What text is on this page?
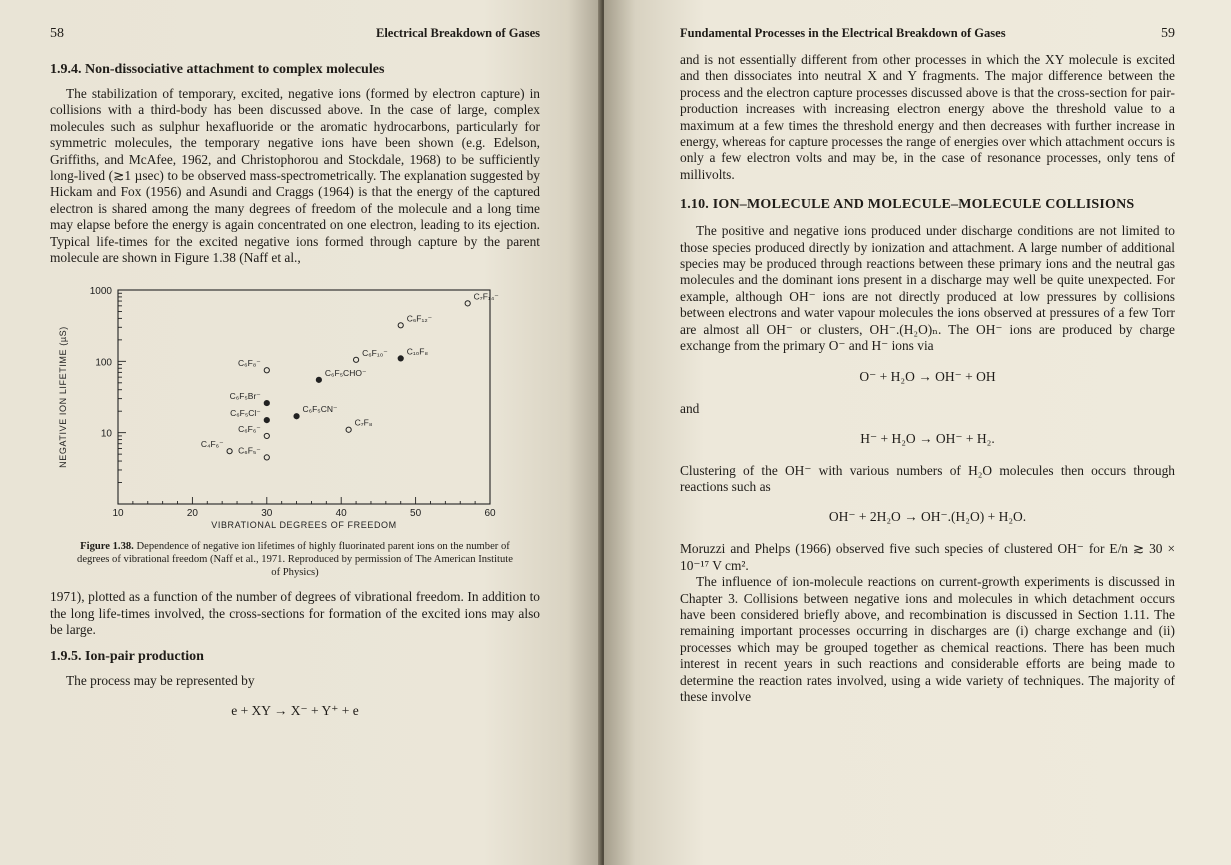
58	Electrical Breakdown of Gases
1.9.4. Non-dissociative attachment to complex molecules

The stabilization of temporary, excited, negative ions (formed by electron capture) in collisions with a third-body has been discussed above. In the case of large, complex molecules such as sulphur hexafluoride or the aromatic hydrocarbons, particularly for symmetric molecules, the temporary negative ions have been shown (e.g. Edelson, Griffiths, and McAfee, 1962, and Christophorou and Stockdale, 1968) to be sufficiently long-lived (≳1 µsec) to be observed mass-spectrometrically. The explanation suggested by Hickam and Fox (1956) and Asundi and Craggs (1964) is that the energy of the captured electron is shared among the many degrees of freedom of the molecule and a long time may elapse before the energy is again concentrated on one electron, leading to its ejection. Typical life-times for the excited negative ions formed through capture by the parent molecule are shown in Figure 1.38 (Naff et al.,

10
100
1000
10	20	30	40	50	60
VIBRATIONAL DEGREES OF FREEDOM
NEGATIVE ION LIFETIME (µS)
C₇F₁₄⁻
C₆F₁₂⁻
C₆F₁₀⁻ C₁₀F₈
C₆F₈⁻
C₆F₅CHO⁻
C₆F₅Br⁻
C₆F₅CN⁻
C₆F₅Cl⁻
C₇F₈
C₆F₆⁻
C₄F₆⁻
C₆F₅⁻
Figure 1.38. Dependence of negative ion lifetimes of highly fluorinated parent ions on the number of degrees of vibrational freedom (Naff et al., 1971. Reproduced by permission of The American Institute of Physics)

1971), plotted as a function of the number of degrees of vibrational freedom. In addition to the long life-times involved, the cross-sections for formation of the excited ions may also be large.

1.9.5. Ion-pair production

The process may be represented by

e + XY → X⁻ + Y⁺ + e
Fundamental Processes in the Electrical Breakdown of Gases	59

and is not essentially different from other processes in which the XY molecule is excited and then dissociates into neutral X and Y fragments. The major difference between the process and the electron capture processes discussed above is that the cross-section for pair-production increases with increasing electron energy above the threshold value to a maximum at a few times the threshold energy and then decreases with further increase in energy, whereas for capture processes the range of energies over which attachment occurs is only a few electron volts and may be, in the case of resonance processes, only tens of millivolts.

1.10. ION–MOLECULE AND MOLECULE–MOLECULE COLLISIONS

The positive and negative ions produced under discharge conditions are not limited to those species produced directly by ionization and attachment. A large number of additional species may be produced through reactions between these primary ions and the neutral gas molecules and the dominant ions present in a discharge may well be quite unexpected. For example, although OH⁻ ions are not directly produced at low pressures by collisions between electrons and water vapour molecules the ions observed at pressures of a few Torr are almost all OH⁻ or clusters, OH⁻.(H₂O)ₙ. The OH⁻ ions are produced by charge exchange from the primary O⁻ and H⁻ ions via

O⁻ + H₂O → OH⁻ + OH
and
H⁻ + H₂O → OH⁻ + H₂.

Clustering of the OH⁻ with various numbers of H₂O molecules then occurs through reactions such as

OH⁻ + 2H₂O → OH⁻.(H₂O) + H₂O.

Moruzzi and Phelps (1966) observed five such species of clustered OH⁻ for E/n ≳ 30 × 10⁻¹⁷ V cm².

The influence of ion-molecule reactions on current-growth experiments is discussed in Chapter 3. Collisions between negative ions and molecules in which detachment occurs have been considered briefly above, and recombination is discussed in Section 1.11. The remaining important processes occurring in discharges are (i) charge exchange and (ii) processes which may be grouped together as chemical reactions. There has been much interest in recent years in such reactions and considerable efforts are being made to determine the reaction rates involved, using a wide variety of techniques. The majority of these involve
